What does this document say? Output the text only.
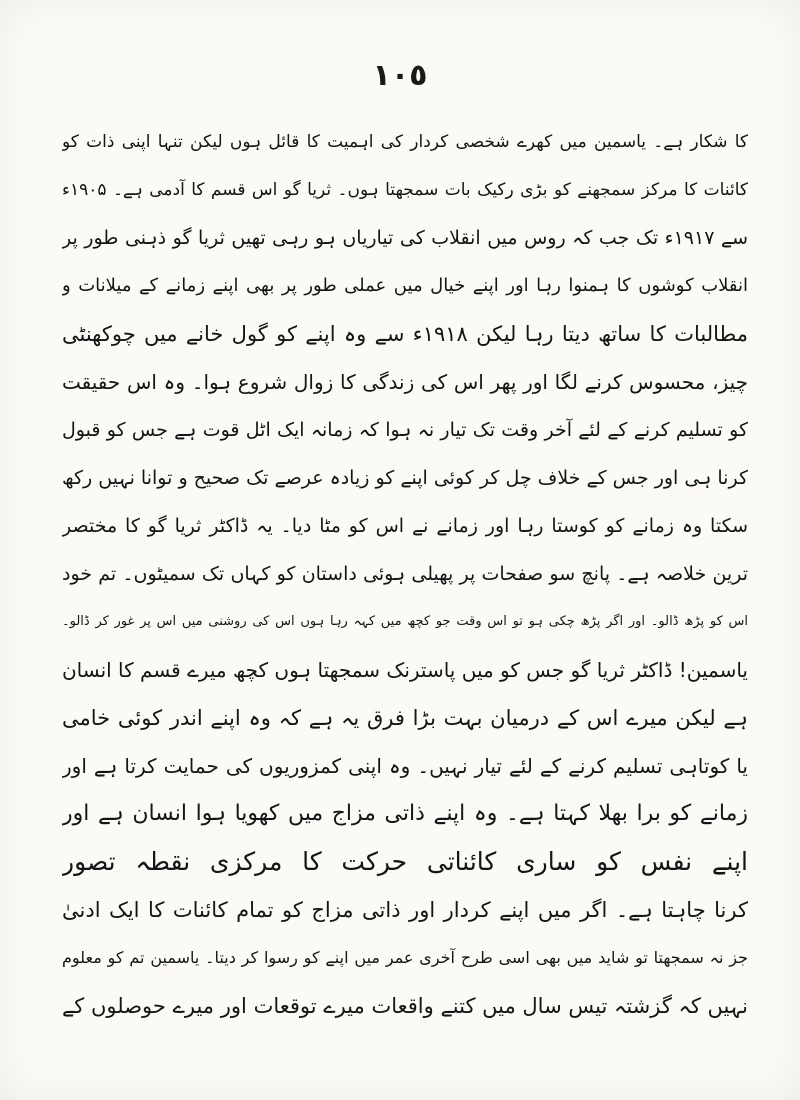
١٠٥
کا شکار ہے۔ یاسمین میں کھرے شخصی کردار کی اہمیت کا قائل ہوں لیکن تنہا اپنی ذات کو
کائنات کا مرکز سمجھنے کو بڑی رکیک بات سمجھتا ہوں۔ ثریا گو اس قسم کا آدمی ہے۔ ۱۹۰۵ء
سے ۱۹۱۷ء تک جب کہ روس میں انقلاب کی تیاریاں ہو رہی تھیں ثریا گو ذہنی طور پر
انقلاب کوشوں کا ہمنوا رہا اور اپنے خیال میں عملی طور پر بھی اپنے زمانے کے میلانات و
مطالبات کا ساتھ دیتا رہا لیکن ۱۹۱۸ء سے وہ اپنے کو گول خانے میں چوکھنٹی
چیز، محسوس کرنے لگا اور پھر اس کی زندگی کا زوال شروع ہوا۔ وہ اس حقیقت
کو تسلیم کرنے کے لئے آخر وقت تک تیار نہ ہوا کہ زمانہ ایک اٹل قوت ہے جس کو قبول
کرنا ہی اور جس کے خلاف چل کر کوئی اپنے کو زیادہ عرصے تک صحیح و توانا نہیں رکھ
سکتا وہ زمانے کو کوستا رہا اور زمانے نے اس کو مٹا دیا۔ یہ ڈاکٹر ثریا گو کا مختصر
ترین خلاصہ ہے۔ پانچ سو صفحات پر پھیلی ہوئی داستان کو کہاں تک سمیٹوں۔ تم خود
اس کو پڑھ ڈالو۔ اور اگر پڑھ چکی ہو تو اس وقت جو کچھ میں کہہ رہا ہوں اس کی روشنی میں اس پر غور کر ڈالو۔
یاسمین! ڈاکٹر ثریا گو جس کو میں پاسترنک سمجھتا ہوں کچھ میرے قسم کا انسان
ہے لیکن میرے اس کے درمیان بہت بڑا فرق یہ ہے کہ وہ اپنے اندر کوئی خامی
یا کوتاہی تسلیم کرنے کے لئے تیار نہیں۔ وہ اپنی کمزوریوں کی حمایت کرتا ہے اور
زمانے کو برا بھلا کہتا ہے۔ وہ اپنے ذاتی مزاج میں کھویا ہوا انسان ہے اور
اپنے نفس کو ساری کائناتی حرکت کا مرکزی نقطہ تصور
کرنا چاہتا ہے۔ اگر میں اپنے کردار اور ذاتی مزاج کو تمام کائنات کا ایک ادنیٰ
جز نہ سمجھتا تو شاید میں بھی اسی طرح آخری عمر میں اپنے کو رسوا کر دیتا۔ یاسمین تم کو معلوم
نہیں کہ گزشتہ تیس سال میں کتنے واقعات میرے توقعات اور میرے حوصلوں کے
